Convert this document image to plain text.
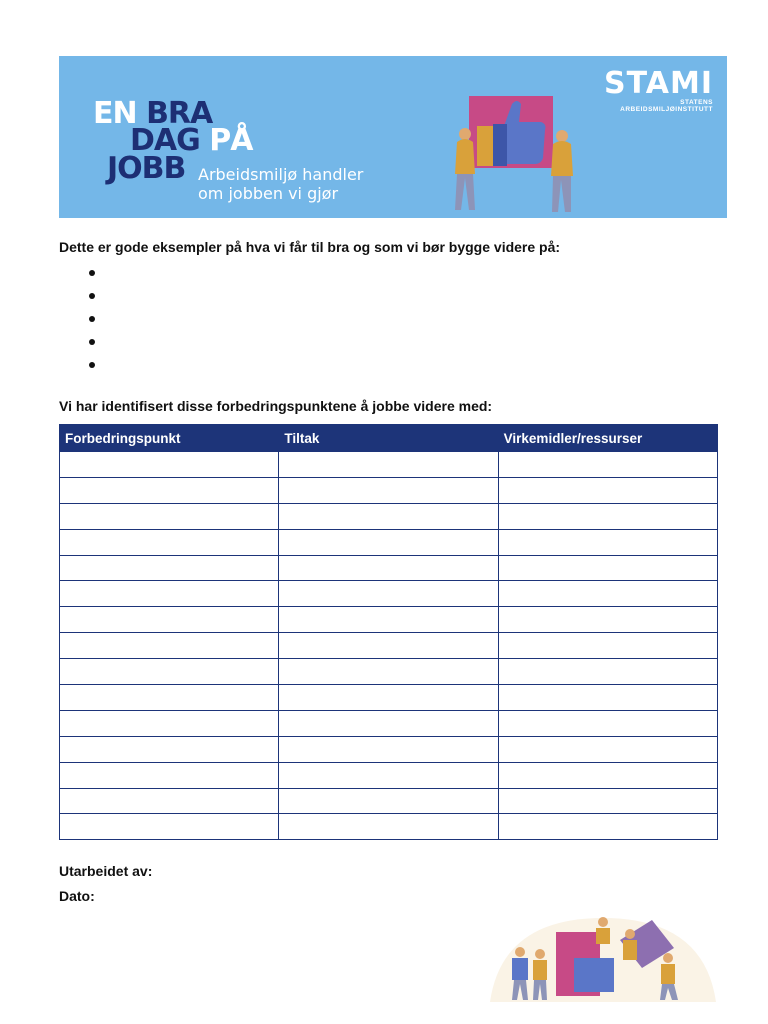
EN BRA
DAG PÅ
JOBB Arbeidsmiljø handler
om jobben vi gjør
STAMI
STATENS
ARBEIDSMILJØINSTITUTT
Dette er gode eksempler på hva vi får til bra og som vi bør bygge videre på:
Vi har identifisert disse forbedringspunktene å jobbe videre med:
Forbedringspunkt	Tiltak	Virkemidler/ressurser

Utarbeidet av:
Dato:
